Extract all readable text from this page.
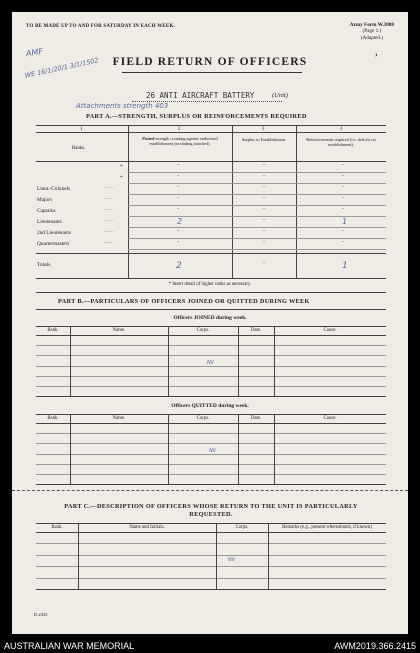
TO BE MADE UP TO AND FOR SATURDAY IN EACH WEEK.	Army Form W.3008
(Page 1.)
(Adapted.)
›
AMF
WE 16/1/20/1 3/1/1502	FIELD RETURN OF OFFICERS
26 ANTI AIRCRAFT BATTERY	(Unit)
Attachments strength 403
PART A.—STRENGTH, SURPLUS OR REINFORCEMENTS REQUIRED
1	2	3	4
Ranks.
Posted strength counting against authorised establishment (excluding attached).
Surplus to Establishment.	Reinforcements required (i.e. deficits on establishment).
*	-	-	-
*	-	-	-
Lieut.-Colonels	... ...	-	-	-
Majors	... ...	-	-	-
Captains	... ...	-	-	-
Lieutenants	... ...	2	-	1
2nd Lieutenants	... ...	-	-	-
Quartermasters	... ...	-	-	-
Totals	2	-	1
* Insert detail of higher ranks as necessary.
PART B.—PARTICULARS OF OFFICERS JOINED OR QUITTED DURING WEEK
Officers JOINED during week.
Rank.	Name.	Corps.	Date.	Cause.
Nil
Officers QUITTED during week.
Rank.	Name.	Corps.	Date.	Cause.
Nil
PART C.—DESCRIPTION OF OFFICERS WHOSE RETURN TO THE UNIT IS PARTICULARLY
REQUESTED.
Rank.	Name and Initials.	Corps.	Remarks (e.g., present whereabouts, if known)
Nil
D.2433
AUSTRALIAN WAR MEMORIAL	AWM2019.366.2415
